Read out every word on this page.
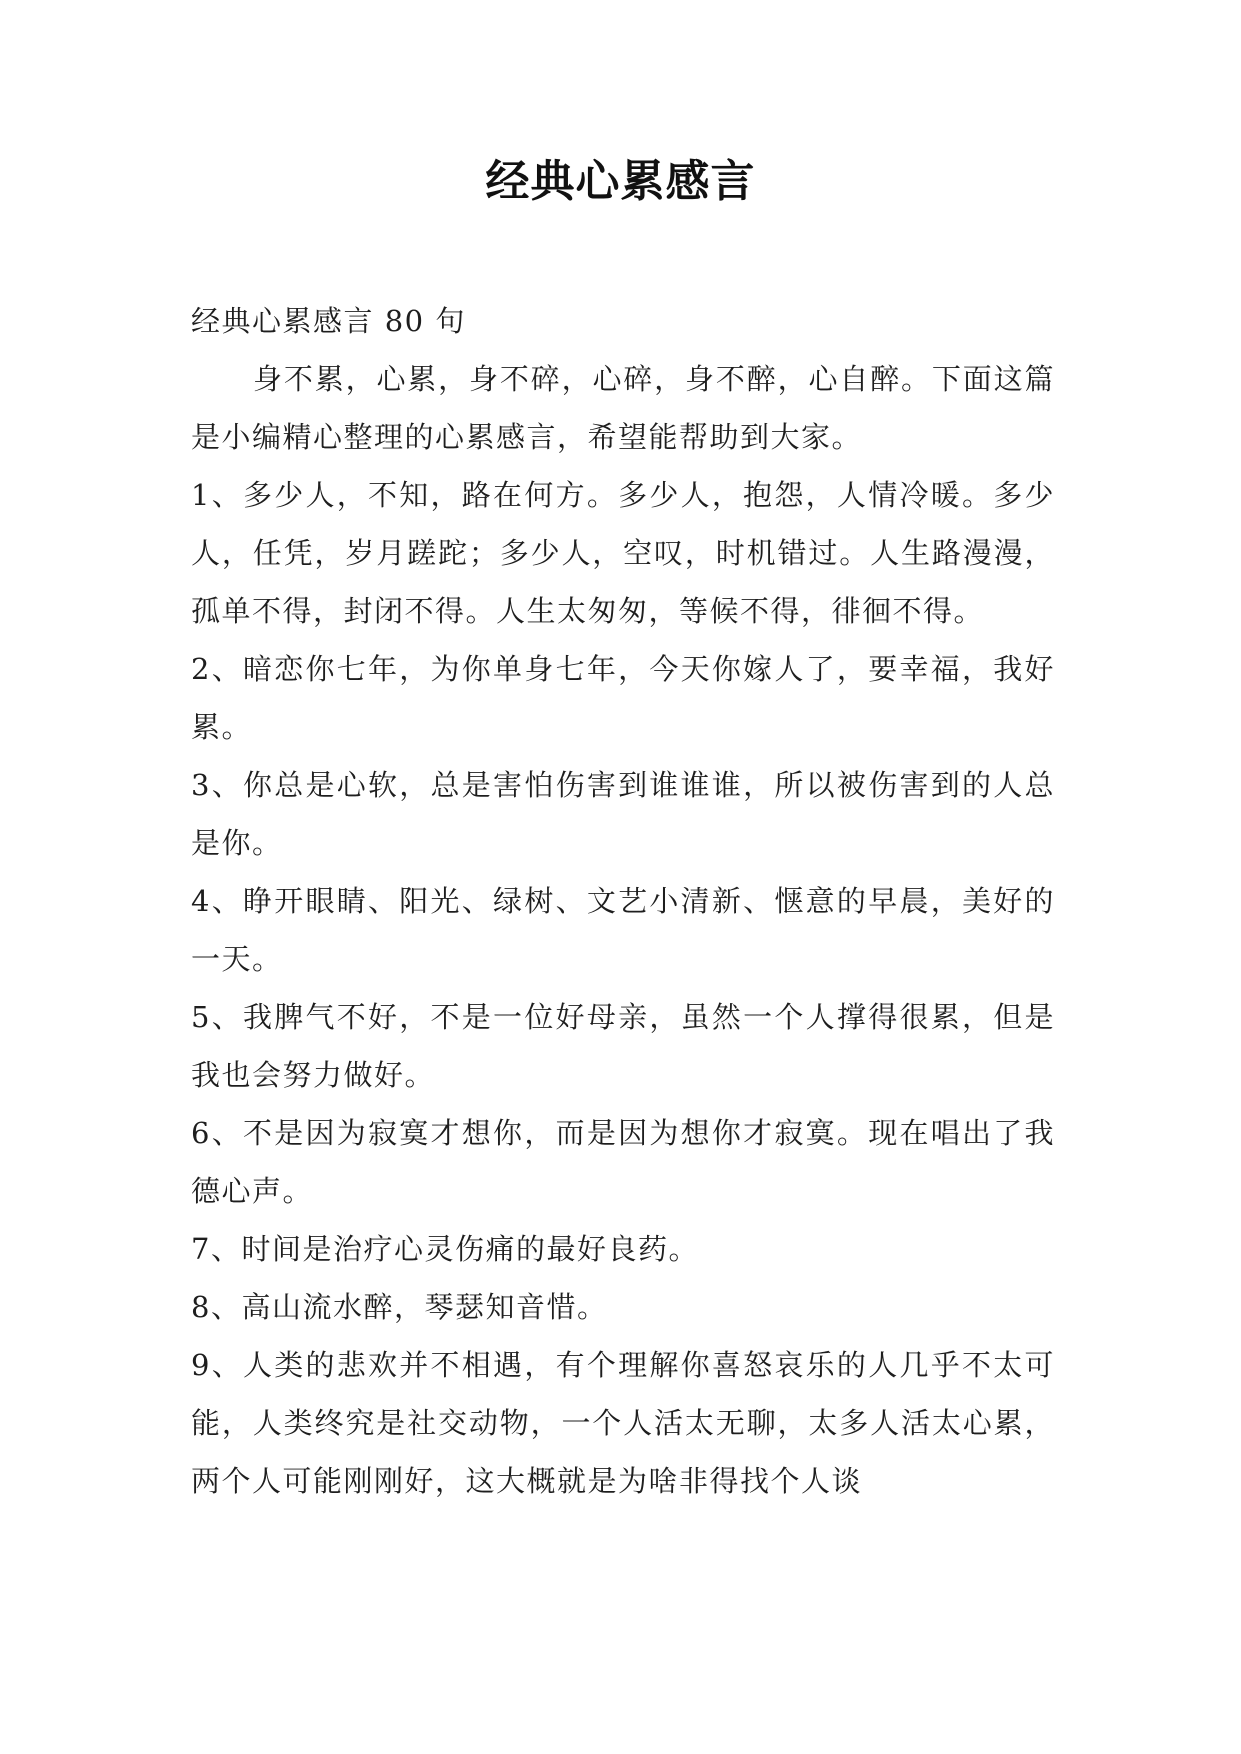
经典心累感言

经典心累感言 80 句

身不累，心累，身不碎，心碎，身不醉，心自醉。下面这篇是小编精心整理的心累感言，希望能帮助到大家。

1、多少人，不知，路在何方。多少人，抱怨，人情冷暖。多少人，任凭，岁月蹉跎；多少人，空叹，时机错过。人生路漫漫，孤单不得，封闭不得。人生太匆匆，等候不得，徘徊不得。

2、暗恋你七年，为你单身七年，今天你嫁人了，要幸福，我好累。

3、你总是心软，总是害怕伤害到谁谁谁，所以被伤害到的人总是你。

4、睁开眼睛、阳光、绿树、文艺小清新、惬意的早晨，美好的一天。

5、我脾气不好，不是一位好母亲，虽然一个人撑得很累，但是我也会努力做好。

6、不是因为寂寞才想你，而是因为想你才寂寞。现在唱出了我德心声。

7、时间是治疗心灵伤痛的最好良药。

8、高山流水醉，琴瑟知音惜。

9、人类的悲欢并不相遇，有个理解你喜怒哀乐的人几乎不太可能，人类终究是社交动物，一个人活太无聊，太多人活太心累，两个人可能刚刚好，这大概就是为啥非得找个人谈
